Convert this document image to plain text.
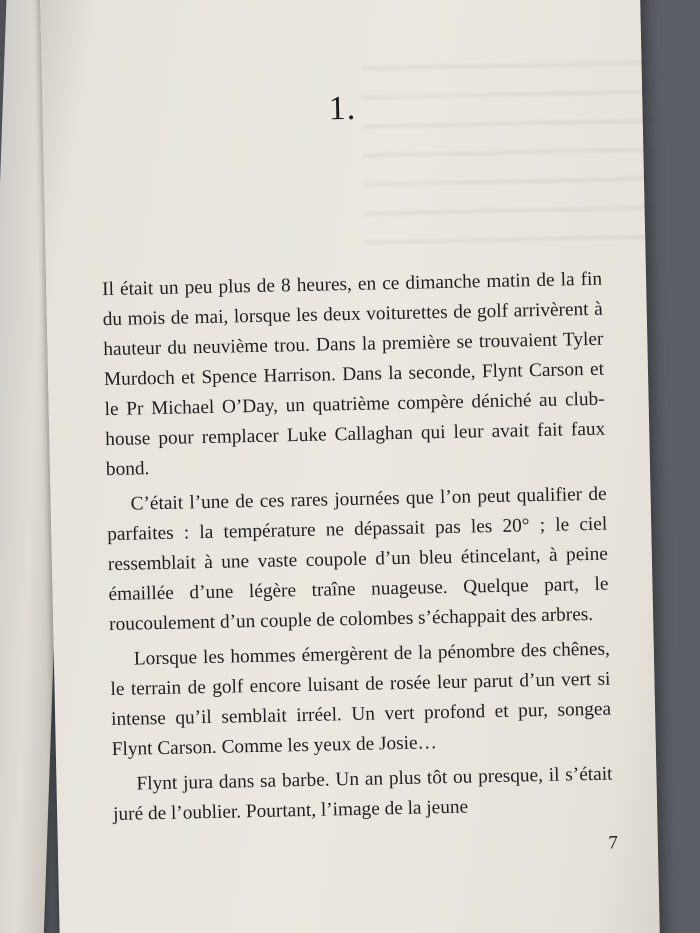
1.

Il était un peu plus de 8 heures, en ce dimanche matin de la fin du mois de mai, lorsque les deux voiturettes de golf arrivèrent à hauteur du neuvième trou. Dans la première se trouvaient Tyler Murdoch et Spence Harrison. Dans la seconde, Flynt Carson et le Pr Michael O’Day, un quatrième compère déniché au club-house pour remplacer Luke Callaghan qui leur avait fait faux bond.

C’était l’une de ces rares journées que l’on peut qualifier de parfaites : la température ne dépassait pas les 20° ; le ciel ressemblait à une vaste coupole d’un bleu étincelant, à peine émaillée d’une légère traîne nuageuse. Quelque part, le roucoulement d’un couple de colombes s’échappait des arbres.

Lorsque les hommes émergèrent de la pénombre des chênes, le terrain de golf encore luisant de rosée leur parut d’un vert si intense qu’il semblait irréel. Un vert profond et pur, songea Flynt Carson. Comme les yeux de Josie…

Flynt jura dans sa barbe. Un an plus tôt ou presque, il s’était juré de l’oublier. Pourtant, l’image de la jeune

7
